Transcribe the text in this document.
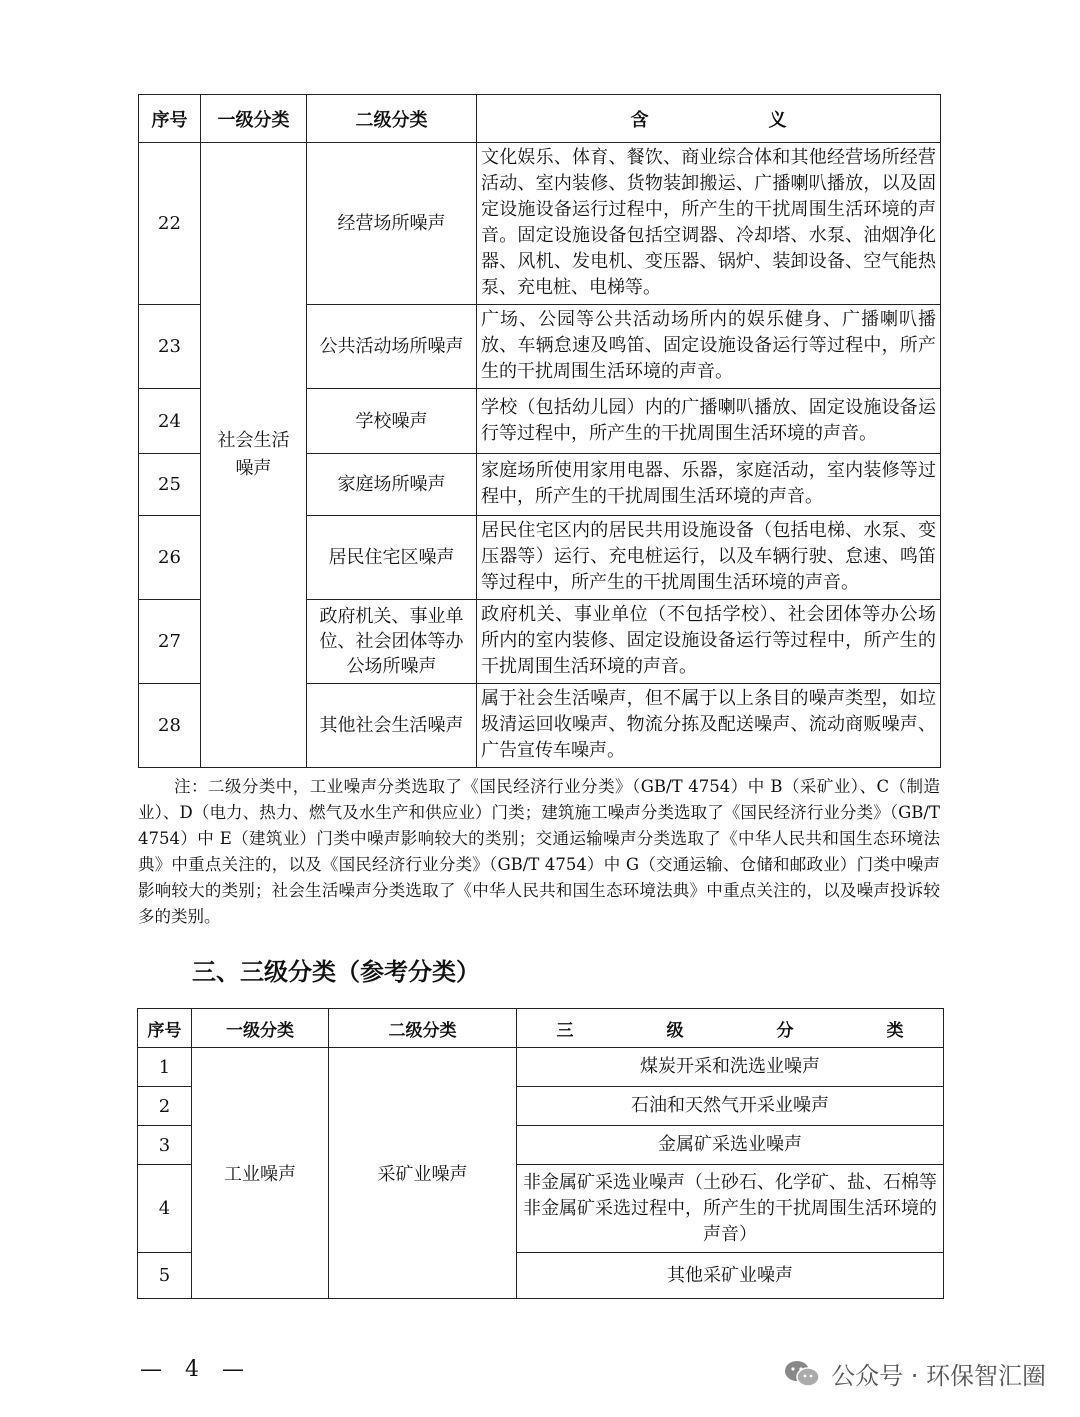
序号	一级分类	二级分类	含　　义
22	社会生活噪声	经营场所噪声	文化娱乐、体育、餐饮、商业综合体和其他经营场所经营活动、室内装修、货物装卸搬运、广播喇叭播放，以及固定设施设备运行过程中，所产生的干扰周围生活环境的声音。固定设施设备包括空调器、冷却塔、水泵、油烟净化器、风机、发电机、变压器、锅炉、装卸设备、空气能热泵、充电桩、电梯等。
23		公共活动场所噪声	广场、公园等公共活动场所内的娱乐健身、广播喇叭播放、车辆怠速及鸣笛、固定设施设备运行等过程中，所产生的干扰周围生活环境的声音。
24		学校噪声	学校（包括幼儿园）内的广播喇叭播放、固定设施设备运行等过程中，所产生的干扰周围生活环境的声音。
25		家庭场所噪声	家庭场所使用家用电器、乐器，家庭活动，室内装修等过程中，所产生的干扰周围生活环境的声音。
26		居民住宅区噪声	居民住宅区内的居民共用设施设备（包括电梯、水泵、变压器等）运行、充电桩运行，以及车辆行驶、怠速、鸣笛等过程中，所产生的干扰周围生活环境的声音。
27		政府机关、事业单位、社会团体等办公场所噪声	政府机关、事业单位（不包括学校）、社会团体等办公场所内的室内装修、固定设施设备运行等过程中，所产生的干扰周围生活环境的声音。
28		其他社会生活噪声	属于社会生活噪声，但不属于以上条目的噪声类型，如垃圾清运回收噪声、物流分拣及配送噪声、流动商贩噪声、广告宣传车噪声。
注：二级分类中，工业噪声分类选取了《国民经济行业分类》（GB/T 4754）中 B（采矿业）、C（制造业）、D（电力、热力、燃气及水生产和供应业）门类；建筑施工噪声分类选取了《国民经济行业分类》（GB/T 4754）中 E（建筑业）门类中噪声影响较大的类别；交通运输噪声分类选取了《中华人民共和国生态环境法典》中重点关注的，以及《国民经济行业分类》（GB/T 4754）中 G（交通运输、仓储和邮政业）门类中噪声影响较大的类别；社会生活噪声分类选取了《中华人民共和国生态环境法典》中重点关注的，以及噪声投诉较多的类别。
三、三级分类（参考分类）
序号	一级分类	二级分类	三　级　分　类
1	工业噪声	采矿业噪声	煤炭开采和洗选业噪声
2			石油和天然气开采业噪声
3			金属矿采选业噪声
4			非金属矿采选业噪声（土砂石、化学矿、盐、石棉等非金属矿采选过程中，所产生的干扰周围生活环境的声音）
5			其他采矿业噪声
— 4 —	公众号 · 环保智汇圈
